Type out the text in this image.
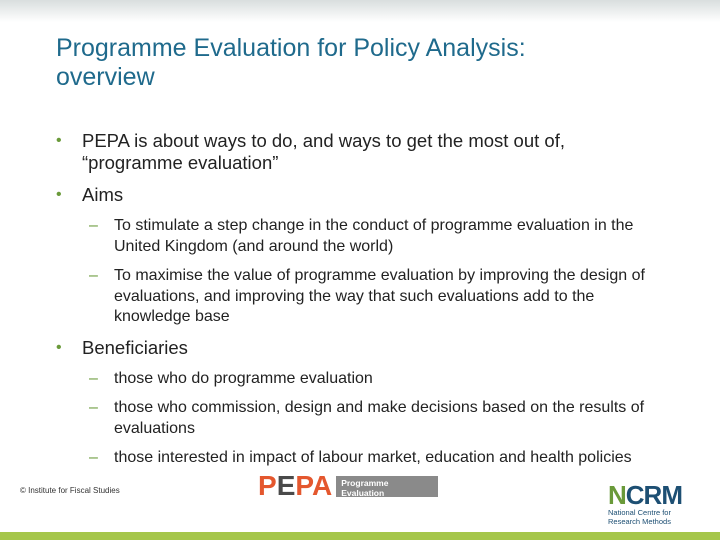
Programme Evaluation for Policy Analysis:
overview
• PEPA is about ways to do, and ways to get the most out of, “programme evaluation”
• Aims
– To stimulate a step change in the conduct of programme evaluation in the United Kingdom (and around the world)
– To maximise the value of programme evaluation by improving the design of evaluations, and improving the way that such evaluations add to the knowledge base
• Beneficiaries
– those who do programme evaluation
– those who commission, design and make decisions based on the results of evaluations
– those interested in impact of labour market, education and health policies
© Institute for Fiscal Studies	PEPA Programme Evaluation
for Policy Analysis	NCRM
National Centre for
Research Methods
